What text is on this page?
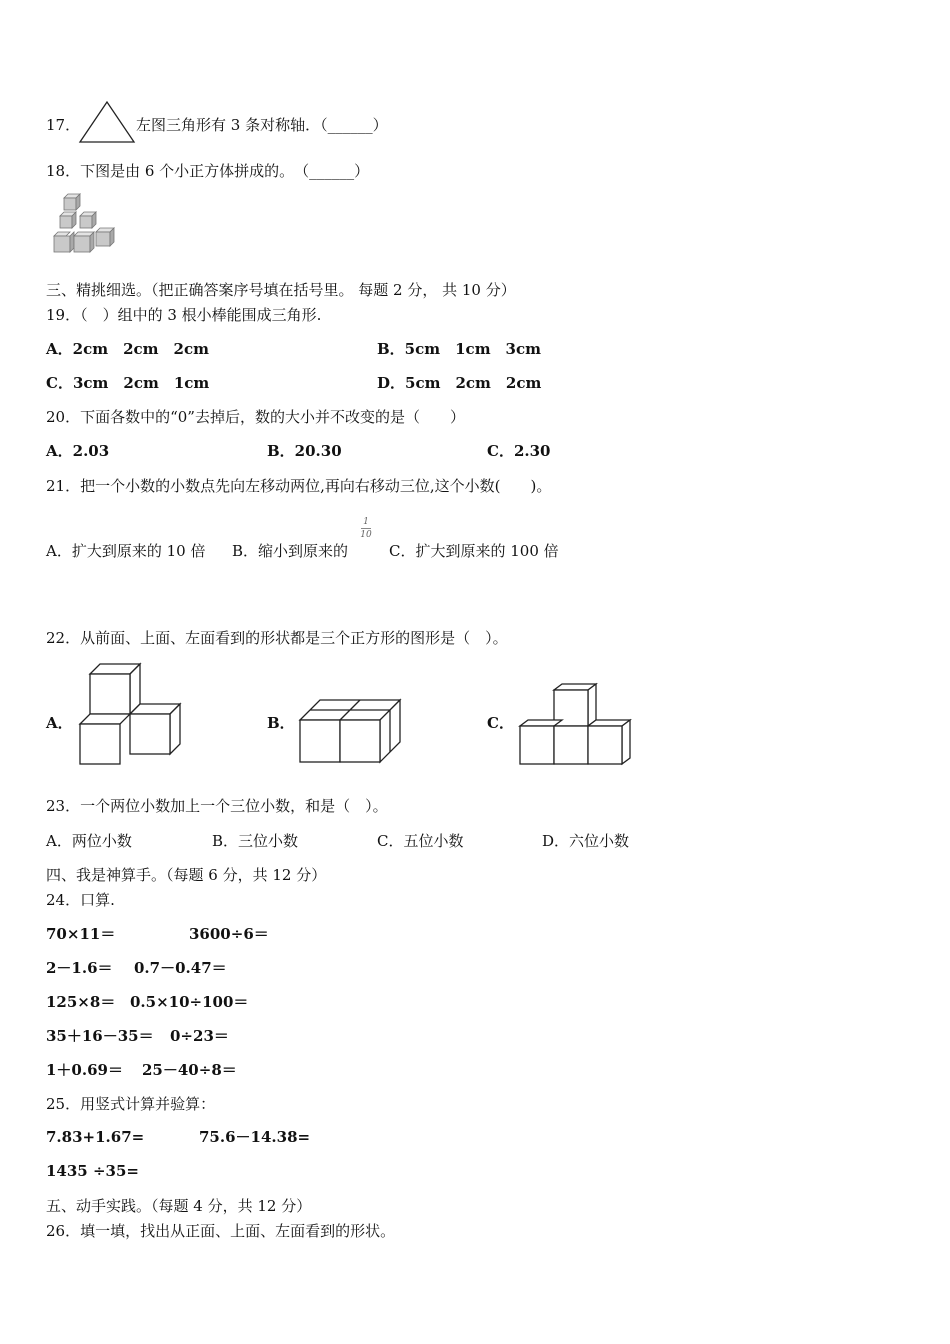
17．	左图三角形有 3 条对称轴．（______）
18．下图是由 6 个小正方体拼成的。　（______）
三、精挑细选。（把正确答案序号填在括号里。 每题 2 分， 共 10 分）
19．（　）组中的 3 根小棒能围成三角形.
A．2cm　2cm　2cm	B．5cm　1cm　3cm
C．3cm　2cm　1cm	D．5cm　2cm　2cm
20．下面各数中的“0”去掉后，数的大小并不改变的是（　　）
A．2.03	B．20.30	C．2.30
21．把一个小数的小数点先向左移动两位,再向右移动三位,这个小数(　　)。
A．扩大到原来的 10 倍 B．缩小到原来的
1
10
C．扩大到原来的 100 倍
22．从前面、上面、左面看到的形状都是三个正方形的图形是（　）。
A．	B．	C．
23．一个两位小数加上一个三位小数，和是（　）。
A．两位小数	B．三位小数	C．五位小数	D．六位小数
四、我是神算手。（每题 6 分，共 12 分）
24．口算.
70×11＝	3600÷6＝
2－1.6＝ 0.7－0.47＝
125×8＝ 0.5×10÷100＝
35＋16－35＝ 0÷23＝
1＋0.69＝ 25－40÷8＝
25．用竖式计算并验算：
7.83+1.67=	75.6－14.38=
1435 ÷35=
五、动手实践。（每题 4 分，共 12 分）
26．填一填，找出从正面、上面、左面看到的形状。
